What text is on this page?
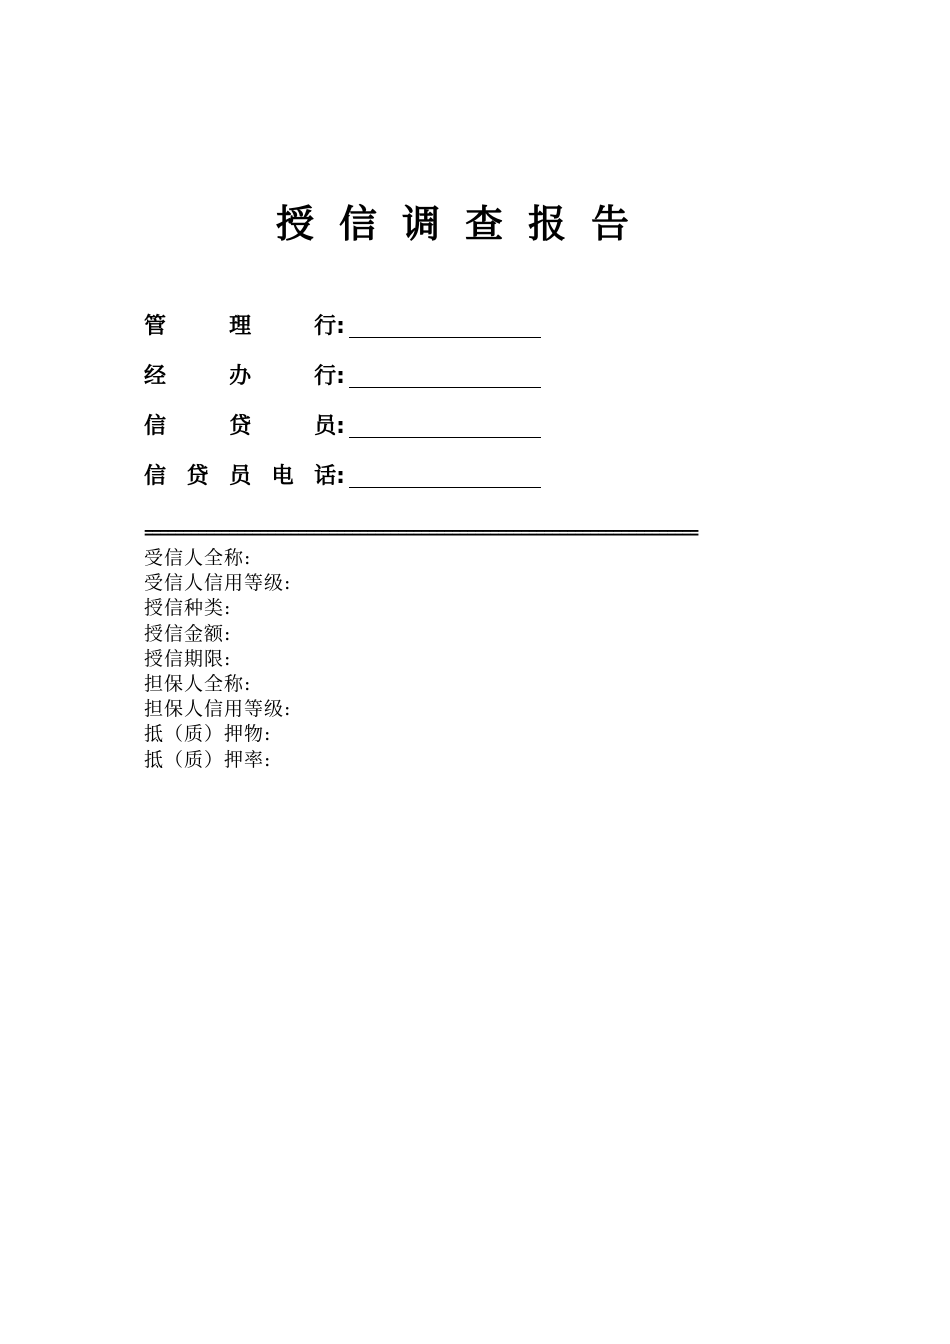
授信调查报告
管	理	行:
经	办	行:
信	贷	员:
信 贷 员 电 话:
========================================================================
受信人全称:
受信人信用等级:
授信种类:
授信金额:
授信期限:
担保人全称:
担保人信用等级:
抵（质）押物:
抵（质）押率:
